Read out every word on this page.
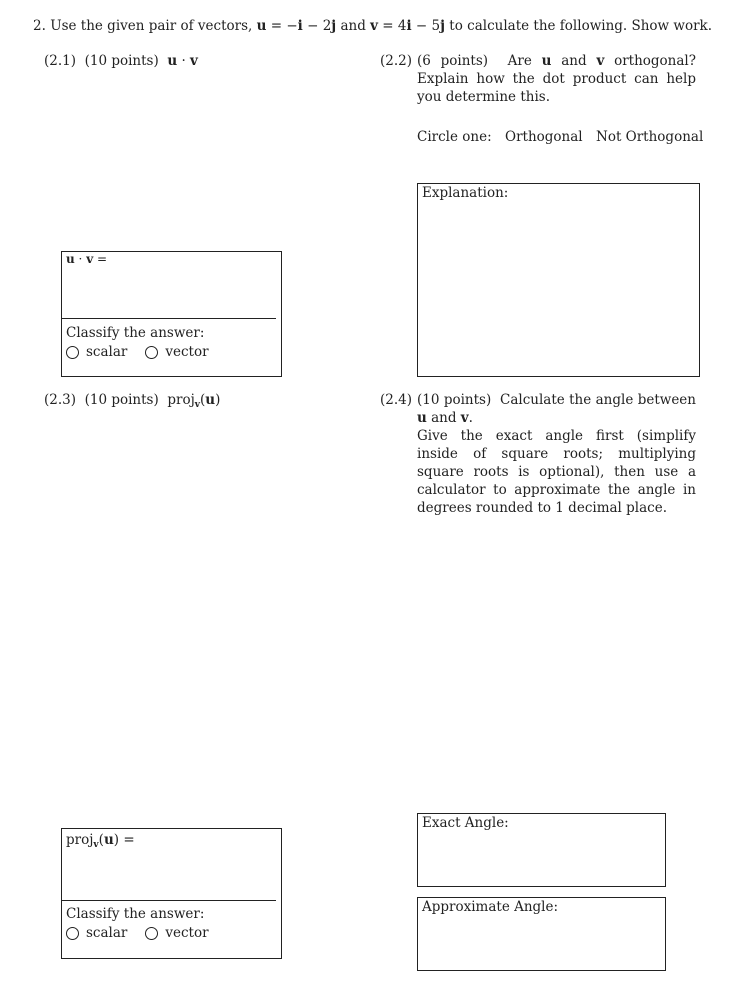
2. Use the given pair of vectors, u = −i − 2j and v = 4i − 5j to calculate the following. Show work.
(2.1) (10 points) u · v
u · v =
Classify the answer:
scalar	vector
(2.2) (6 points) Are u and v orthogonal? Explain how the dot product can help you determine this.
Circle one: Orthogonal Not Orthogonal
Explanation:
(2.3) (10 points) proj$_v$(u)
proj$_v$(u) =
Classify the answer:
scalar	vector
(2.4) (10 points) Calculate the angle between u and v.
Give the exact angle first (simplify inside of square roots; multiplying square roots is optional), then use a calculator to approximate the angle in degrees rounded to 1 decimal place.
Exact Angle:
Approximate Angle:
